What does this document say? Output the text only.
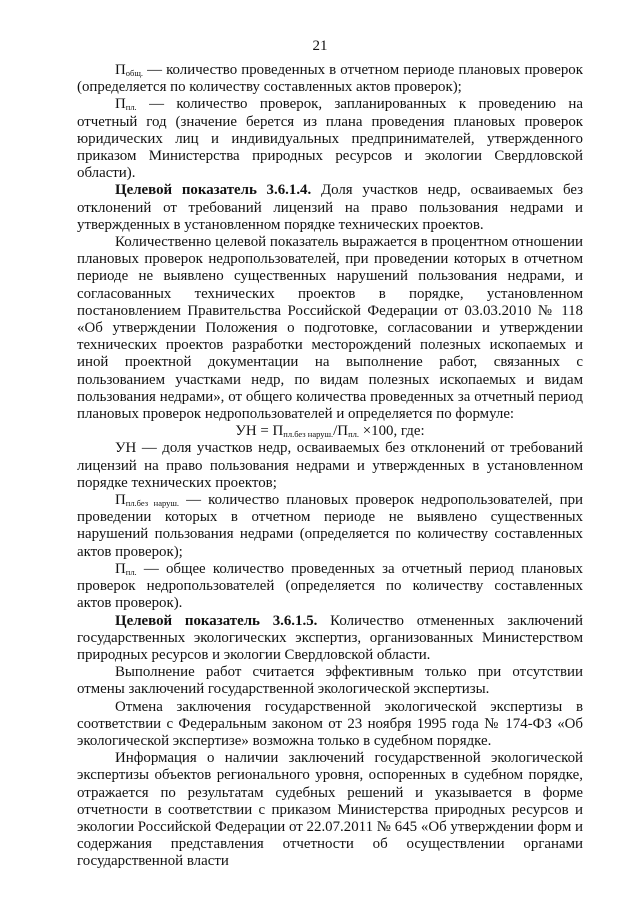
21

$П_{общ.}$ — количество проведенных в отчетном периоде плановых проверок (определяется по количеству составленных актов проверок);

$П_{пл.}$ — количество проверок, запланированных к проведению на отчетный год (значение берется из плана проведения плановых проверок юридических лиц и индивидуальных предпринимателей, утвержденного приказом Министерства природных ресурсов и экологии Свердловской области).

Целевой показатель 3.6.1.4. Доля участков недр, осваиваемых без отклонений от требований лицензий на право пользования недрами и утвержденных в установленном порядке технических проектов.

Количественно целевой показатель выражается в процентном отношении плановых проверок недропользователей, при проведении которых в отчетном периоде не выявлено существенных нарушений пользования недрами, и согласованных технических проектов в порядке, установленном постановлением Правительства Российской Федерации от 03.03.2010 № 118 «Об утверждении Положения о подготовке, согласовании и утверждении технических проектов разработки месторождений полезных ископаемых и иной проектной документации на выполнение работ, связанных с пользованием участками недр, по видам полезных ископаемых и видам пользования недрами», от общего количества проведенных за отчетный период плановых проверок недропользователей и определяется по формуле:

УН = $П_{пл.без наруш.}/П_{пл.} \times 100$, где:

УН — доля участков недр, осваиваемых без отклонений от требований лицензий на право пользования недрами и утвержденных в установленном порядке технических проектов;

$П_{пл.без наруш.}$ — количество плановых проверок недропользователей, при проведении которых в отчетном периоде не выявлено существенных нарушений пользования недрами (определяется по количеству составленных актов проверок);

$П_{пл.}$ — общее количество проведенных за отчетный период плановых проверок недропользователей (определяется по количеству составленных актов проверок).

Целевой показатель 3.6.1.5. Количество отмененных заключений государственных экологических экспертиз, организованных Министерством природных ресурсов и экологии Свердловской области.

Выполнение работ считается эффективным только при отсутствии отмены заключений государственной экологической экспертизы.

Отмена заключения государственной экологической экспертизы в соответствии с Федеральным законом от 23 ноября 1995 года № 174-ФЗ «Об экологической экспертизе» возможна только в судебном порядке.

Информация о наличии заключений государственной экологической экспертизы объектов регионального уровня, оспоренных в судебном порядке, отражается по результатам судебных решений и указывается в форме отчетности в соответствии с приказом Министерства природных ресурсов и экологии Российской Федерации от 22.07.2011 № 645 «Об утверждении форм и содержания представления отчетности об осуществлении органами государственной власти
